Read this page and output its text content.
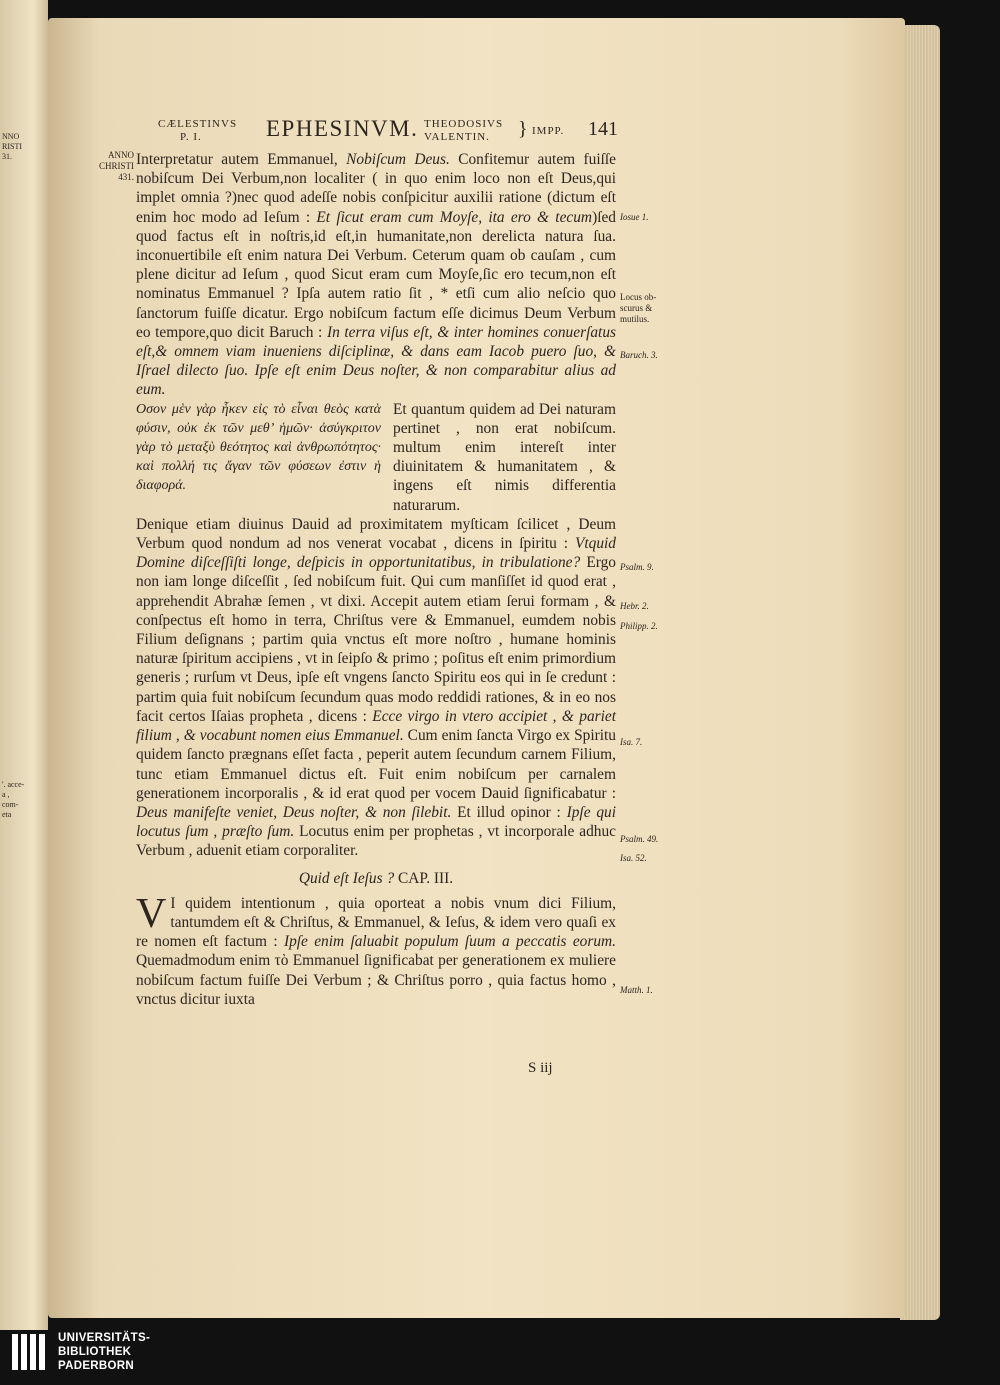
NNO
RISTI
31.
'. acce-
a ,
com-
eta
CÆLESTINVS
P. I.	EPHESINVM. THEODOSIVS
VALENTIN. } IMPP. 141
ANNO
CHRISTI
431.
Iosue 1.
Locus ob-
scurus &
mutilus.
Baruch. 3.
Psalm. 9.
Hebr. 2.
Philipp. 2.
Isa. 7.
Psalm. 49.
Isa. 52.
Matth. 1.

Interpretatur autem Emmanuel, Nobiſcum Deus. Confitemur autem fuiſſe nobiſcum Dei Verbum,non localiter ( in quo enim loco non eſt Deus,qui implet omnia ?)nec quod adeſſe nobis conſpicitur auxilii ratione (dictum eſt enim hoc modo ad Ieſum : Et ſicut eram cum Moyſe, ita ero & tecum)ſed quod factus eſt in noſtris,id eſt,in humanitate,non derelicta natura ſua. inconuertibile eſt enim natura Dei Verbum. Ceterum quam ob cauſam , cum plene dicitur ad Ieſum , quod Sicut eram cum Moyſe,ſic ero tecum,non eſt nominatus Emmanuel ? Ipſa autem ratio ſit , * etſi cum alio neſcio quo ſanctorum fuiſſe dicatur. Ergo nobiſcum factum eſſe dicimus Deum Verbum eo tempore,quo dicit Baruch : In terra viſus eſt, & inter homines conuerſatus eſt,& omnem viam inueniens diſciplinæ, & dans eam Iacob puero ſuo, & Iſrael dilecto ſuo. Ipſe eſt enim Deus noſter, & non comparabitur alius ad eum.

Οσον μὲν γὰρ ἧκεν εἰς τὸ εἶναι θεὸς κατὰ φύσιν, οὐκ ἐκ τῶν μεθ’ ἡμῶν· ἀσύγκριτον γὰρ τὸ μεταξὺ θεότητος καὶ ἀνθρωπότητος· καὶ πολλή τις ἄγαν τῶν φύσεων ἐστιν ἡ διαφορά.
Et quantum quidem ad Dei naturam pertinet , non erat nobiſcum. multum enim intereſt inter diuinitatem & humanitatem , & ingens eſt nimis differentia naturarum.

Denique etiam diuinus Dauid ad proximitatem myſticam ſcilicet , Deum Verbum quod nondum ad nos venerat vocabat , dicens in ſpiritu : Vtquid Domine diſceſſiſti longe, deſpicis in opportunitatibus, in tribulatione? Ergo non iam longe diſceſſit , ſed nobiſcum fuit. Qui cum manſiſſet id quod erat , apprehendit Abrahæ ſemen , vt dixi. Accepit autem etiam ſerui formam , & conſpectus eſt homo in terra, Chriſtus vere & Emmanuel, eumdem nobis Filium deſignans ; partim quia vnctus eſt more noſtro , humane hominis naturæ ſpiritum accipiens , vt in ſeipſo & primo ; poſitus eſt enim primordium generis ; rurſum vt Deus, ipſe eſt vngens ſancto Spiritu eos qui in ſe credunt : partim quia fuit nobiſcum ſecundum quas modo reddidi rationes, & in eo nos facit certos Iſaias propheta , dicens : Ecce virgo in vtero accipiet , & pariet filium , & vocabunt nomen eius Emmanuel. Cum enim ſancta Virgo ex Spiritu quidem ſancto prægnans eſſet facta , peperit autem ſecundum carnem Filium, tunc etiam Emmanuel dictus eſt. Fuit enim nobiſcum per carnalem generationem incorporalis , & id erat quod per vocem Dauid ſignificabatur : Deus manifeſte veniet, Deus noſter, & non ſilebit. Et illud opinor : Ipſe qui locutus ſum , præſto ſum. Locutus enim per prophetas , vt incorporale adhuc Verbum , aduenit etiam corporaliter.

Quid eſt Ieſus ? CAP. III.

V I quidem intentionum , quia oporteat a nobis vnum dici Filium, tantumdem eſt & Chriſtus, & Emmanuel, & Ieſus, & idem vero quaſi ex re nomen eſt factum : Ipſe enim ſaluabit populum ſuum a peccatis eorum. Quemadmodum enim τὸ Emmanuel ſignificabat per generationem ex muliere nobiſcum factum fuiſſe Dei Verbum ; & Chriſtus porro , quia factus homo , vnctus dicitur iuxta

S iij
UNIVERSITÄTS-
BIBLIOTHEK
PADERBORN
